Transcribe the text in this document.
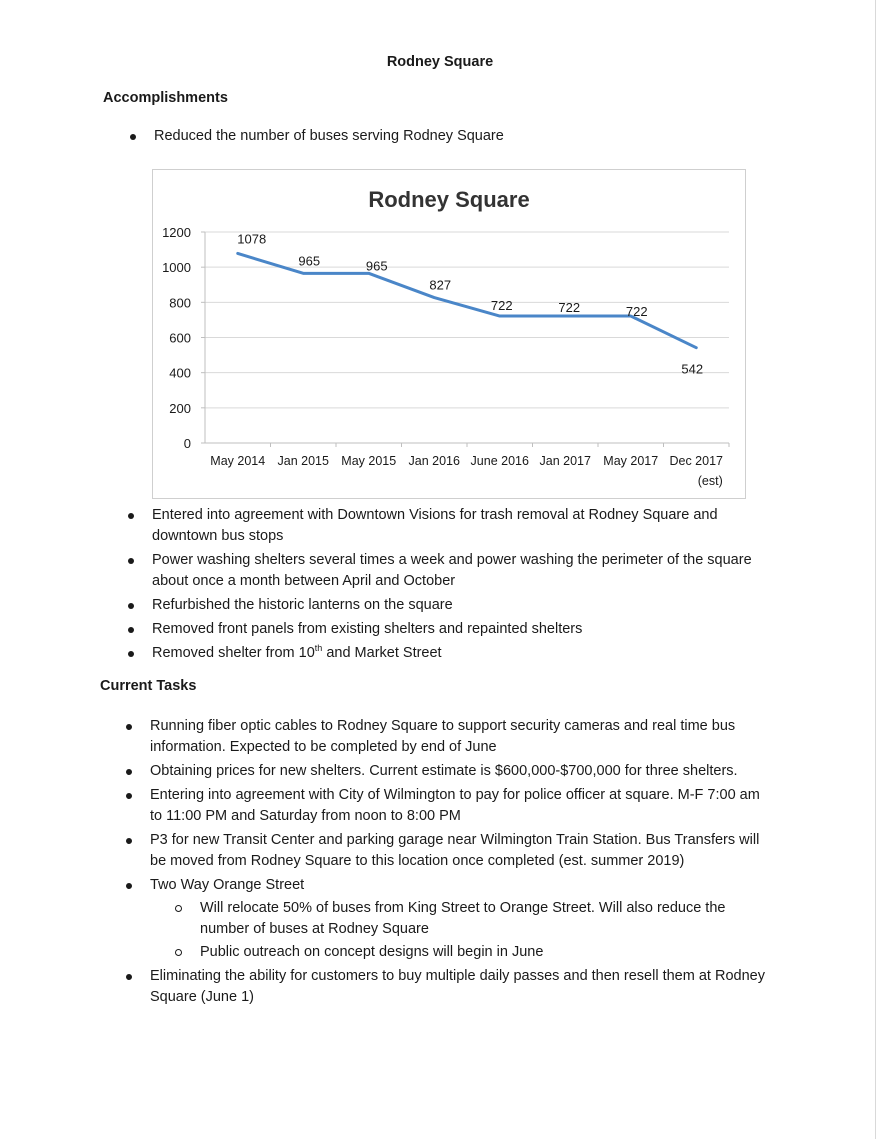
Rodney Square
Accomplishments
Reduced the number of buses serving Rodney Square
Rodney Square
0
200
400
600
800
1000
1200
May 2014 Jan 2015 May 2015 Jan 2016 June 2016 Jan 2017 May 2017 Dec 2017
(est)
1078
965	965
827
722	722	722
542
Entered into agreement with Downtown Visions for trash removal at Rodney Square and downtown bus stops
Power washing shelters several times a week and power washing the perimeter of the square about once a month between April and October
Refurbished the historic lanterns on the square
Removed front panels from existing shelters and repainted shelters
Removed shelter from 10th and Market Street
Current Tasks
Running fiber optic cables to Rodney Square to support security cameras and real time bus information. Expected to be completed by end of June
Obtaining prices for new shelters. Current estimate is $600,000-$700,000 for three shelters.
Entering into agreement with City of Wilmington to pay for police officer at square. M-F 7:00 am to 11:00 PM and Saturday from noon to 8:00 PM
P3 for new Transit Center and parking garage near Wilmington Train Station. Bus Transfers will be moved from Rodney Square to this location once completed (est. summer 2019)
Two Way Orange Street
Will relocate 50% of buses from King Street to Orange Street. Will also reduce the number of buses at Rodney Square
Public outreach on concept designs will begin in June
Eliminating the ability for customers to buy multiple daily passes and then resell them at Rodney Square (June 1)
